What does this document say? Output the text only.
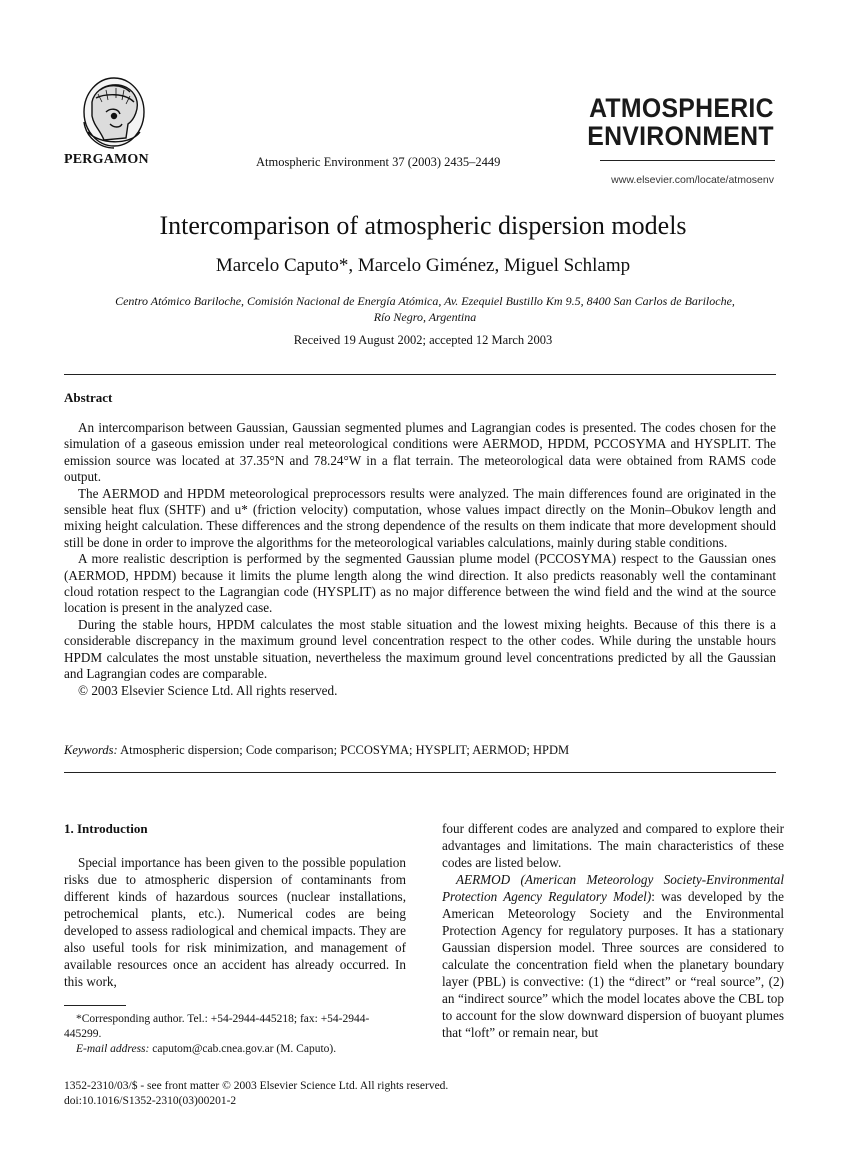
PERGAMON	Atmospheric Environment 37 (2003) 2435–2449
ATMOSPHERIC
ENVIRONMENT
www.elsevier.com/locate/atmosenv
Intercomparison of atmospheric dispersion models
Marcelo Caputo*, Marcelo Giménez, Miguel Schlamp
Centro Atómico Bariloche, Comisión Nacional de Energía Atómica, Av. Ezequiel Bustillo Km 9.5, 8400 San Carlos de Bariloche,
Río Negro, Argentina
Received 19 August 2002; accepted 12 March 2003
Abstract

An intercomparison between Gaussian, Gaussian segmented plumes and Lagrangian codes is presented. The codes chosen for the simulation of a gaseous emission under real meteorological conditions were AERMOD, HPDM, PCCOSYMA and HYSPLIT. The emission source was located at 37.35°N and 78.24°W in a flat terrain. The meteorological data were obtained from RAMS code output.

The AERMOD and HPDM meteorological preprocessors results were analyzed. The main differences found are originated in the sensible heat flux (SHTF) and u* (friction velocity) computation, whose values impact directly on the Monin–Obukov length and mixing height calculation. These differences and the strong dependence of the results on them indicate that more development should still be done in order to improve the algorithms for the meteorological variables calculations, mainly during stable conditions.

A more realistic description is performed by the segmented Gaussian plume model (PCCOSYMA) respect to the Gaussian ones (AERMOD, HPDM) because it limits the plume length along the wind direction. It also predicts reasonably well the contaminant cloud rotation respect to the Lagrangian code (HYSPLIT) as no major difference between the wind field and the wind at the source location is present in the analyzed case.

During the stable hours, HPDM calculates the most stable situation and the lowest mixing heights. Because of this there is a considerable discrepancy in the maximum ground level concentration respect to the other codes. While during the unstable hours HPDM calculates the most unstable situation, nevertheless the maximum ground level concentrations predicted by all the Gaussian and Lagrangian codes are comparable.

© 2003 Elsevier Science Ltd. All rights reserved.

Keywords: Atmospheric dispersion; Code comparison; PCCOSYMA; HYSPLIT; AERMOD; HPDM
1. Introduction

Special importance has been given to the possible population risks due to atmospheric dispersion of contaminants from different kinds of hazardous sources (nuclear installations, petrochemical plants, etc.). Numerical codes are being developed to assess radiological and chemical impacts. They are also useful tools for risk minimization, and management of available resources once an accident has already occurred. In this work,

*Corresponding author. Tel.: +54-2944-445218; fax: +54-2944-445299.

E-mail address: caputom@cab.cnea.gov.ar (M. Caputo).

four different codes are analyzed and compared to explore their advantages and limitations. The main characteristics of these codes are listed below.

AERMOD (American Meteorology Society-Environmental Protection Agency Regulatory Model): was developed by the American Meteorology Society and the Environmental Protection Agency for regulatory purposes. It has a stationary Gaussian dispersion model. Three sources are considered to calculate the concentration field when the planetary boundary layer (PBL) is convective: (1) the “direct” or “real source”, (2) an “indirect source” which the model locates above the CBL top to account for the slow downward dispersion of buoyant plumes that “loft” or remain near, but

1352-2310/03/$ - see front matter © 2003 Elsevier Science Ltd. All rights reserved.
doi:10.1016/S1352-2310(03)00201-2
